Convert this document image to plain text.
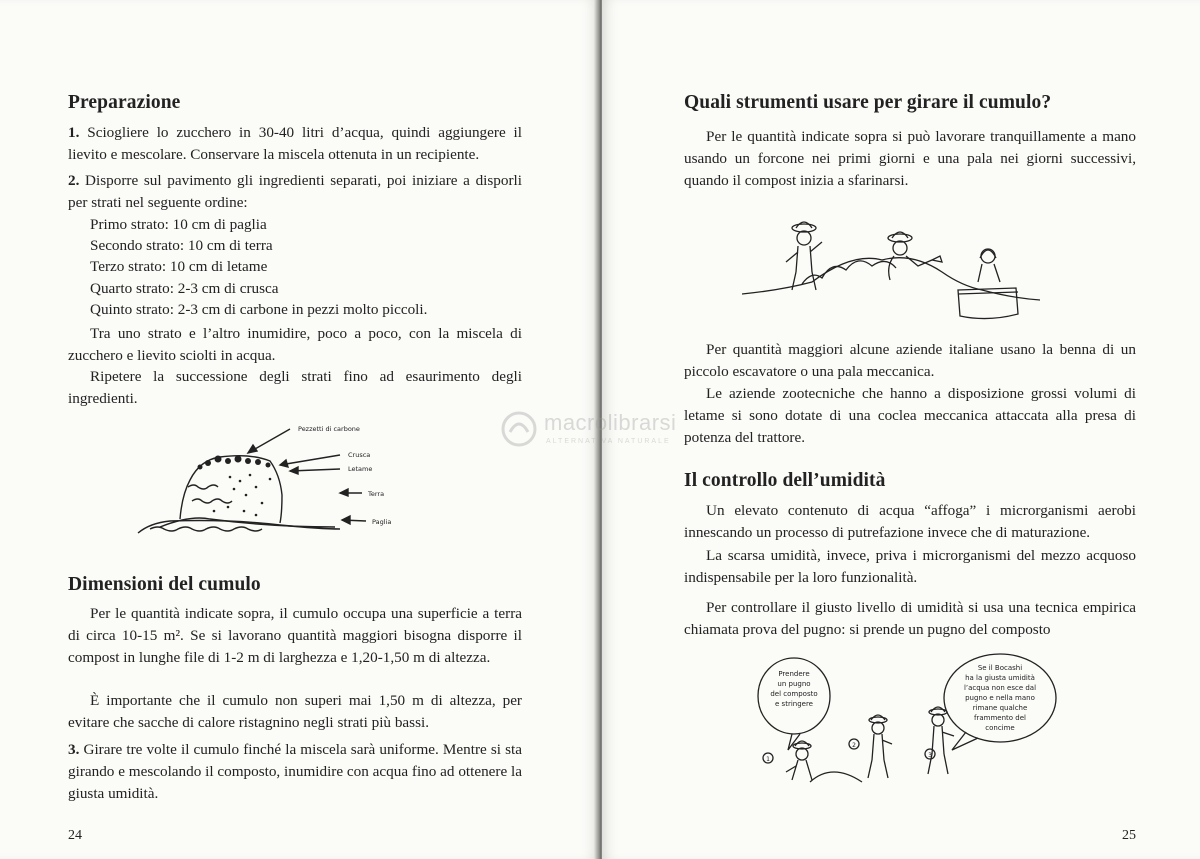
Preparazione

1. Sciogliere lo zucchero in 30-40 litri d’acqua, quindi aggiungere il lievito e mescolare. Conservare la miscela ottenuta in un recipiente.

2. Disporre sul pavimento gli ingredienti separati, poi iniziare a disporli per strati nel seguente ordine:

Primo strato: 10 cm di paglia
Secondo strato: 10 cm di terra
Terzo strato: 10 cm di letame
Quarto strato: 2-3 cm di crusca
Quinto strato: 2-3 cm di carbone in pezzi molto piccoli.

Tra uno strato e l’altro inumidire, poco a poco, con la miscela di zucchero e lievito sciolti in acqua.

Ripetere la successione degli strati fino ad esaurimento degli ingredienti.

Pezzetti di carbone
Crusca
Letame
Terra
Paglia
Dimensioni del cumulo

Per le quantità indicate sopra, il cumulo occupa una superficie a terra di circa 10-15 m². Se si lavorano quantità maggiori bisogna disporre il compost in lunghe file di 1-2 m di larghezza e 1,20-1,50 m di altezza.

È importante che il cumulo non superi mai 1,50 m di altezza, per evitare che sacche di calore ristagnino negli strati più bassi.

3. Girare tre volte il cumulo finché la miscela sarà uniforme. Mentre si sta girando e mescolando il composto, inumidire con acqua fino ad ottenere la giusta umidità.

24
Quali strumenti usare per girare il cumulo?

Per le quantità indicate sopra si può lavorare tranquillamente a mano usando un forcone nei primi giorni e una pala nei giorni successivi, quando il compost inizia a sfarinarsi.

Per quantità maggiori alcune aziende italiane usano la benna di un piccolo escavatore o una pala meccanica.

Le aziende zootecniche che hanno a disposizione grossi volumi di letame si sono dotate di una coclea meccanica attaccata alla presa di potenza del trattore.

Il controllo dell’umidità

Un elevato contenuto di acqua “affoga” i microrganismi aerobi innescando un processo di putrefazione invece che di maturazione.

La scarsa umidità, invece, priva i microrganismi del mezzo acquoso indispensabile per la loro funzionalità.

Per controllare il giusto livello di umidità si usa una tecnica empirica chiamata prova del pugno: si prende un pugno del composto

Prendere
un pugno
del composto
e stringere
Se il Bocashi
ha la giusta umidità
l’acqua non esce dal
pugno e nella mano
rimane qualche
frammento del
concime
1
2
3
25
macrolibrarsi
ALTERNATIVA NATURALE
